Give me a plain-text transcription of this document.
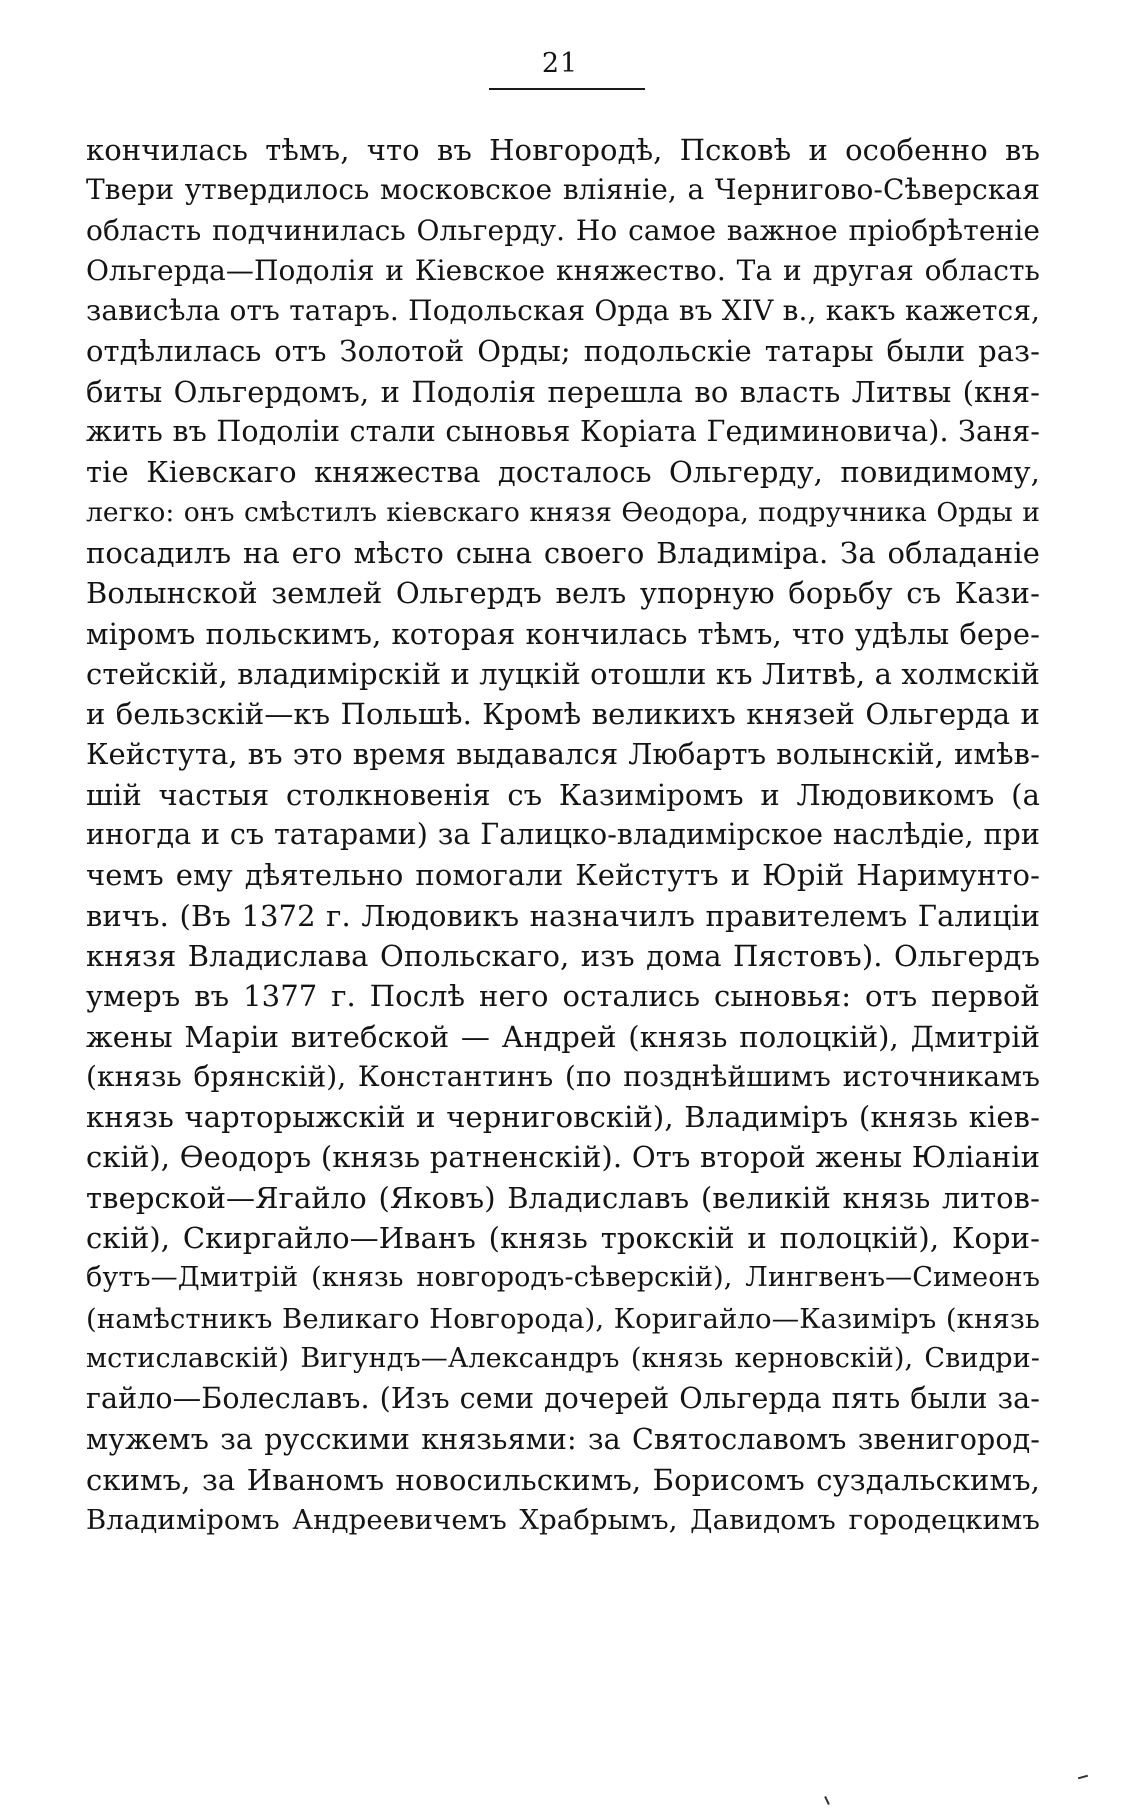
21
кончилась тѣмъ, что въ Новгородѣ, Псковѣ и особенно въ
Твери утвердилось московское вліяніе, а Чернигово-Сѣверская
область подчинилась Ольгерду. Но самое важное пріобрѣтеніе
Ольгерда—Подолія и Кіевское княжество. Та и другая область
зависѣла отъ татаръ. Подольская Орда въ XIV в., какъ кажется,
отдѣлилась отъ Золотой Орды; подольскіе татары были раз-
биты Ольгердомъ, и Подолія перешла во власть Литвы (кня-
жить въ Подоліи стали сыновья Коріата Гедиминовича). Заня-
тіе Кіевскаго княжества досталось Ольгерду, повидимому,
легко: онъ смѣстилъ кіевскаго князя Ѳеодора, подручника Орды и
посадилъ на его мѣсто сына своего Владиміра. За обладаніе
Волынской землей Ольгердъ велъ упорную борьбу съ Кази-
міромъ польскимъ, которая кончилась тѣмъ, что удѣлы бере-
стейскій, владимірскій и луцкій отошли къ Литвѣ, а холмскій
и бельзскій—къ Польшѣ. Кромѣ великихъ князей Ольгерда и
Кейстута, въ это время выдавался Любартъ волынскій, имѣв-
шій частыя столкновенія съ Казиміромъ и Людовикомъ (а
иногда и съ татарами) за Галицко-владимірское наслѣдіе, при
чемъ ему дѣятельно помогали Кейстутъ и Юрій Наримунто-
вичъ. (Въ 1372 г. Людовикъ назначилъ правителемъ Галиціи
князя Владислава Опольскаго, изъ дома Пястовъ). Ольгердъ
умеръ въ 1377 г. Послѣ него остались сыновья: отъ первой
жены Маріи витебской — Андрей (князь полоцкій), Дмитрій
(князь брянскій), Константинъ (по позднѣйшимъ источникамъ
князь чарторыжскій и черниговскій), Владиміръ (князь кіев-
скій), Ѳеодоръ (князь ратненскій). Отъ второй жены Юліаніи
тверской—Ягайло (Яковъ) Владиславъ (великій князь литов-
скій), Скиргайло—Иванъ (князь трокскій и полоцкій), Кори-
бутъ—Дмитрій (князь новгородъ-сѣверскій), Лингвенъ—Симеонъ
(намѣстникъ Великаго Новгорода), Коригайло—Казиміръ (князь
мстиславскій) Вигундъ—Александръ (князь керновскій), Свидри-
гайло—Болеславъ. (Изъ семи дочерей Ольгерда пять были за-
мужемъ за русскими князьями: за Святославомъ звенигород-
скимъ, за Иваномъ новосильскимъ, Борисомъ суздальскимъ,
Владиміромъ Андреевичемъ Храбрымъ, Давидомъ городецкимъ
